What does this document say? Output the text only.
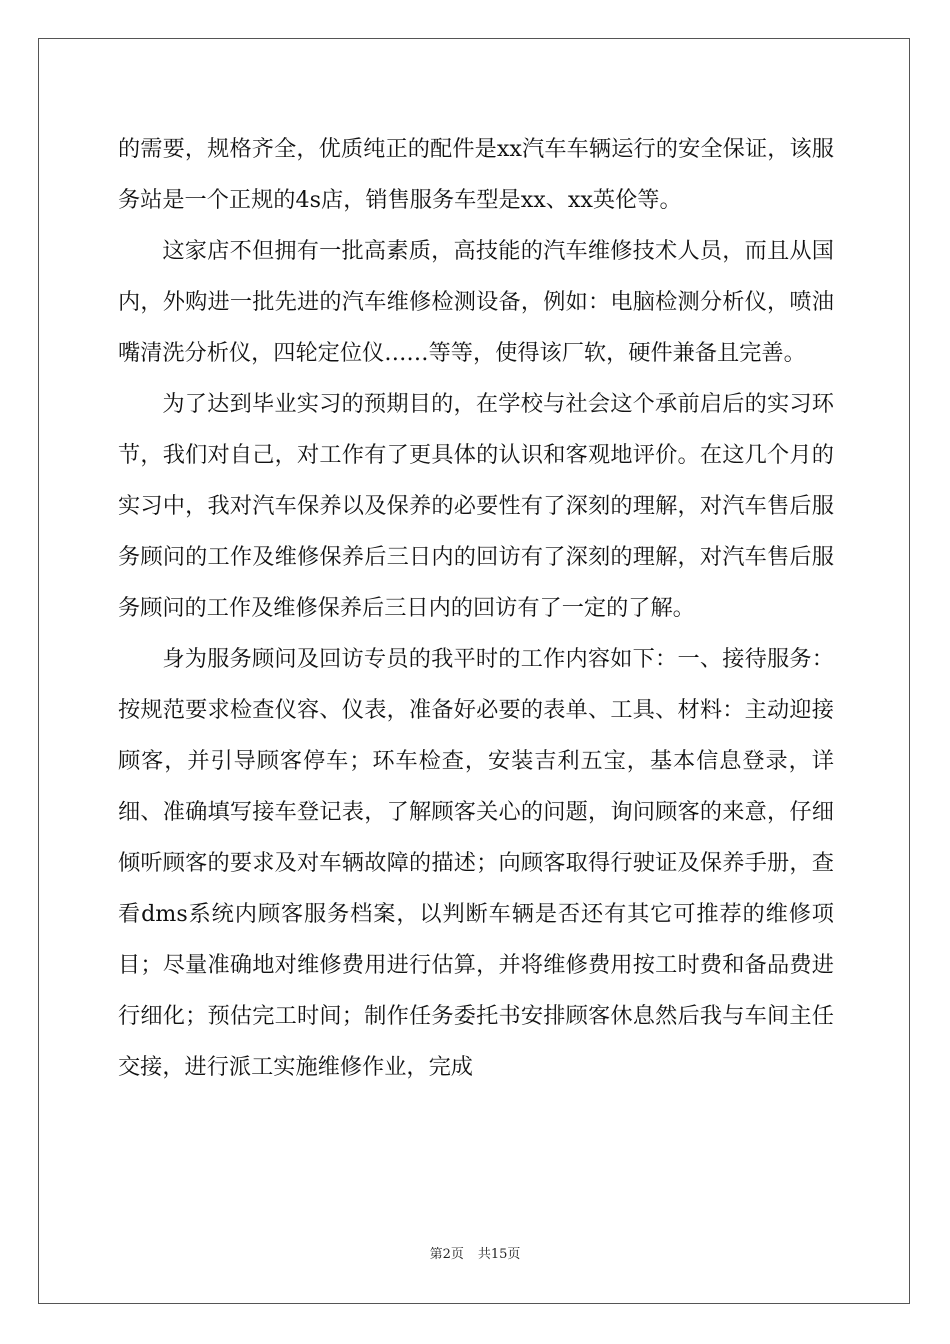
的需要，规格齐全，优质纯正的配件是xx汽车车辆运行的安全保证，该服务站是一个正规的4s店，销售服务车型是xx、xx英伦等。

这家店不但拥有一批高素质，高技能的汽车维修技术人员，而且从国内，外购进一批先进的汽车维修检测设备，例如：电脑检测分析仪，喷油嘴清洗分析仪，四轮定位仪……等等，使得该厂软，硬件兼备且完善。

为了达到毕业实习的预期目的，在学校与社会这个承前启后的实习环节，我们对自己，对工作有了更具体的认识和客观地评价。在这几个月的实习中，我对汽车保养以及保养的必要性有了深刻的理解，对汽车售后服务顾问的工作及维修保养后三日内的回访有了深刻的理解，对汽车售后服务顾问的工作及维修保养后三日内的回访有了一定的了解。

身为服务顾问及回访专员的我平时的工作内容如下：一、接待服务：按规范要求检查仪容、仪表，准备好必要的表单、工具、材料：主动迎接顾客，并引导顾客停车；环车检查，安装吉利五宝，基本信息登录，详细、准确填写接车登记表，了解顾客关心的问题，询问顾客的来意，仔细倾听顾客的要求及对车辆故障的描述；向顾客取得行驶证及保养手册，查看dms系统内顾客服务档案，以判断车辆是否还有其它可推荐的维修项目；尽量准确地对维修费用进行估算，并将维修费用按工时费和备品费进行细化；预估完工时间；制作任务委托书安排顾客休息然后我与车间主任交接，进行派工实施维修作业，完成

第2页 共15页
